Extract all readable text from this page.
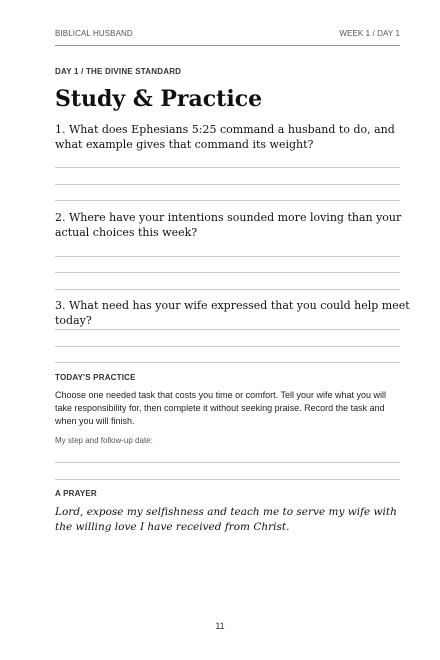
BIBLICAL HUSBAND	WEEK 1 / DAY 1
DAY 1 / THE DIVINE STANDARD
Study & Practice
1. What does Ephesians 5:25 command a husband to do, and what example gives that command its weight?
2. Where have your intentions sounded more loving than your actual choices this week?
3. What need has your wife expressed that you could help meet today?
TODAY'S PRACTICE
Choose one needed task that costs you time or comfort. Tell your wife what you will take responsibility for, then complete it without seeking praise. Record the task and when you will finish.
My step and follow-up date:
A PRAYER
Lord, expose my selfishness and teach me to serve my wife with the willing love I have received from Christ.
11
